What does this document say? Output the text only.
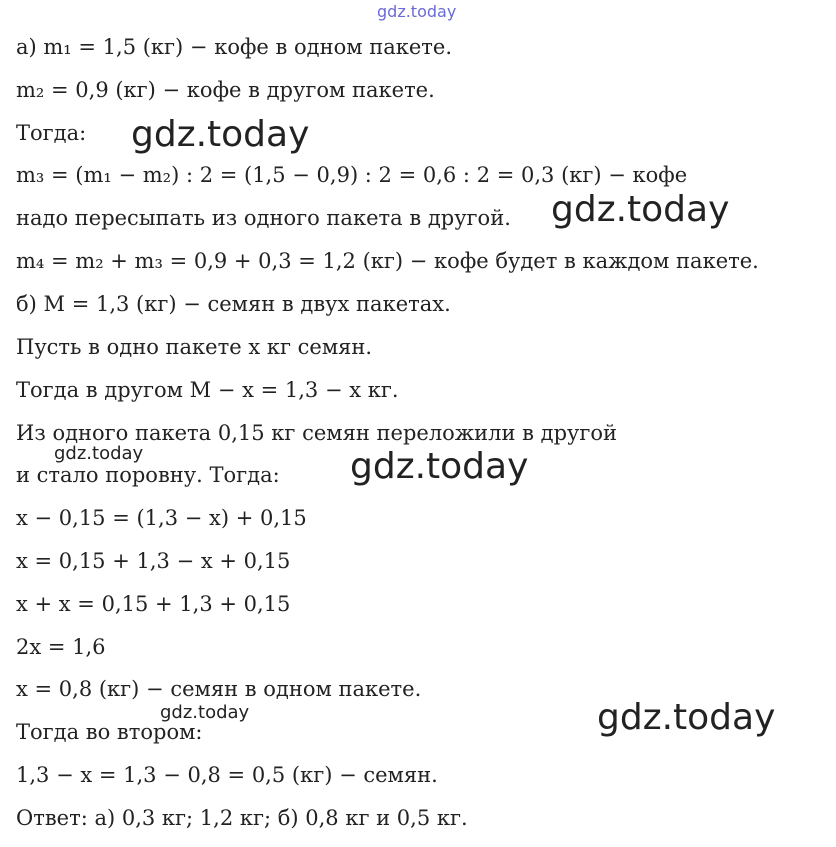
gdz.today
а) m₁ = 1,5 (кг) − кофе в одном пакете.
m₂ = 0,9 (кг) − кофе в другом пакете.
Тогда:
m₃ = (m₁ − m₂) : 2 = (1,5 − 0,9) : 2 = 0,6 : 2 = 0,3 (кг) − кофе
надо пересыпать из одного пакета в другой.
m₄ = m₂ + m₃ = 0,9 + 0,3 = 1,2 (кг) − кофе будет в каждом пакете.
б) M = 1,3 (кг) − семян в двух пакетах.
Пусть в одно пакете x кг семян.
Тогда в другом M − x = 1,3 − x кг.
Из одного пакета 0,15 кг семян переложили в другой
и стало поровну. Тогда:
x − 0,15 = (1,3 − x) + 0,15
x = 0,15 + 1,3 − x + 0,15
x + x = 0,15 + 1,3 + 0,15
2x = 1,6
x = 0,8 (кг) − семян в одном пакете.
Тогда во втором:
1,3 − x = 1,3 − 0,8 = 0,5 (кг) − семян.
Ответ: а) 0,3 кг; 1,2 кг; б) 0,8 кг и 0,5 кг.
gdz.today
gdz.today
gdz.today	gdz.today
gdz.today	gdz.today
